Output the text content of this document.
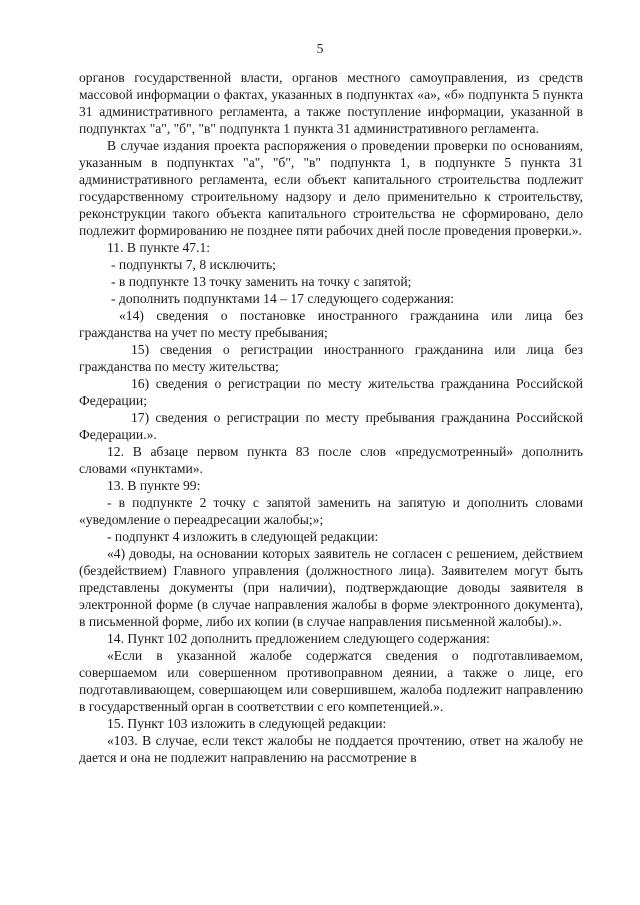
5

органов государственной власти, органов местного самоуправления, из средств массовой информации о фактах, указанных в подпунктах «а», «б» подпункта 5 пункта 31 административного регламента, а также поступление информации, указанной в подпунктах "а", "б", "в" подпункта 1 пункта 31 административного регламента.

В случае издания проекта распоряжения о проведении проверки по основаниям, указанным в подпунктах "а", "б", "в" подпункта 1, в подпункте 5 пункта 31 административного регламента, если объект капитального строительства подлежит государственному строительному надзору и дело применительно к строительству, реконструкции такого объекта капитального строительства не сформировано, дело подлежит формированию не позднее пяти рабочих дней после проведения проверки.».

11. В пункте 47.1:

- подпункты 7, 8 исключить;

- в подпункте 13 точку заменить на точку с запятой;

- дополнить подпунктами 14 – 17 следующего содержания:

«14) сведения о постановке иностранного гражданина или лица без гражданства на учет по месту пребывания;

15) сведения о регистрации иностранного гражданина или лица без гражданства по месту жительства;

16) сведения о регистрации по месту жительства гражданина Российской Федерации;

17) сведения о регистрации по месту пребывания гражданина Российской Федерации.».

12. В абзаце первом пункта 83 после слов «предусмотренный» дополнить словами «пунктами».

13. В пункте 99:

- в подпункте 2 точку с запятой заменить на запятую и дополнить словами «уведомление о переадресации жалобы;»;

- подпункт 4 изложить в следующей редакции:

«4) доводы, на основании которых заявитель не согласен с решением, действием (бездействием) Главного управления (должностного лица). Заявителем могут быть представлены документы (при наличии), подтверждающие доводы заявителя в электронной форме (в случае направления жалобы в форме электронного документа), в письменной форме, либо их копии (в случае направления письменной жалобы).».

14. Пункт 102 дополнить предложением следующего содержания:

«Если в указанной жалобе содержатся сведения о подготавливаемом, совершаемом или совершенном противоправном деянии, а также о лице, его подготавливающем, совершающем или совершившем, жалоба подлежит направлению в государственный орган в соответствии с его компетенцией.».

15. Пункт 103 изложить в следующей редакции:

«103. В случае, если текст жалобы не поддается прочтению, ответ на жалобу не дается и она не подлежит направлению на рассмотрение в
